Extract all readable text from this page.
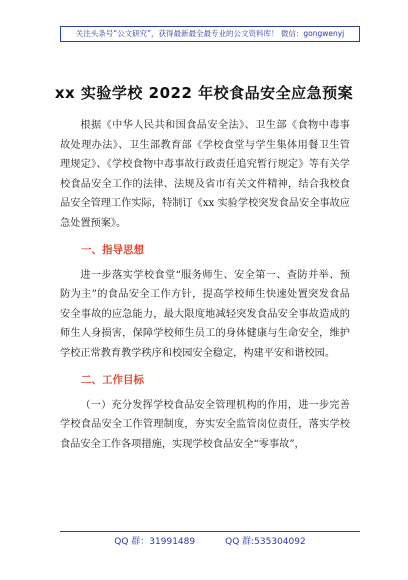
关注头条号“公文研究”，获得最新最全最专业的公文资料库！ 微信：gongwenyj
xx 实验学校 2022 年校食品安全应急预案

根据《中华人民共和国食品安全法》、卫生部《食物中毒事故处理办法》、卫生部教育部《学校食堂与学生集体用餐卫生管理规定》、《学校食物中毒事故行政责任追究暂行规定》等有关学校食品安全工作的法律、法规及省市有关文件精神，结合我校食品安全管理工作实际，特制订《xx 实验学校突发食品安全事故应急处置预案》。

一、指导思想

进一步落实学校食堂“服务师生、安全第一、查防并举、预防为主”的食品安全工作方针，提高学校师生快速处置突发食品安全事故的应急能力，最大限度地减轻突发食品安全事故造成的师生人身损害，保障学校师生员工的身体健康与生命安全，维护学校正常教育教学秩序和校园安全稳定，构建平安和谐校园。

二、工作目标

（一）充分发挥学校食品安全管理机构的作用，进一步完善学校食品安全工作管理制度，夯实安全监管岗位责任，落实学校食品安全工作各项措施，实现学校食品安全“零事故”，

QQ 群：31991489	QQ 群:535304092
